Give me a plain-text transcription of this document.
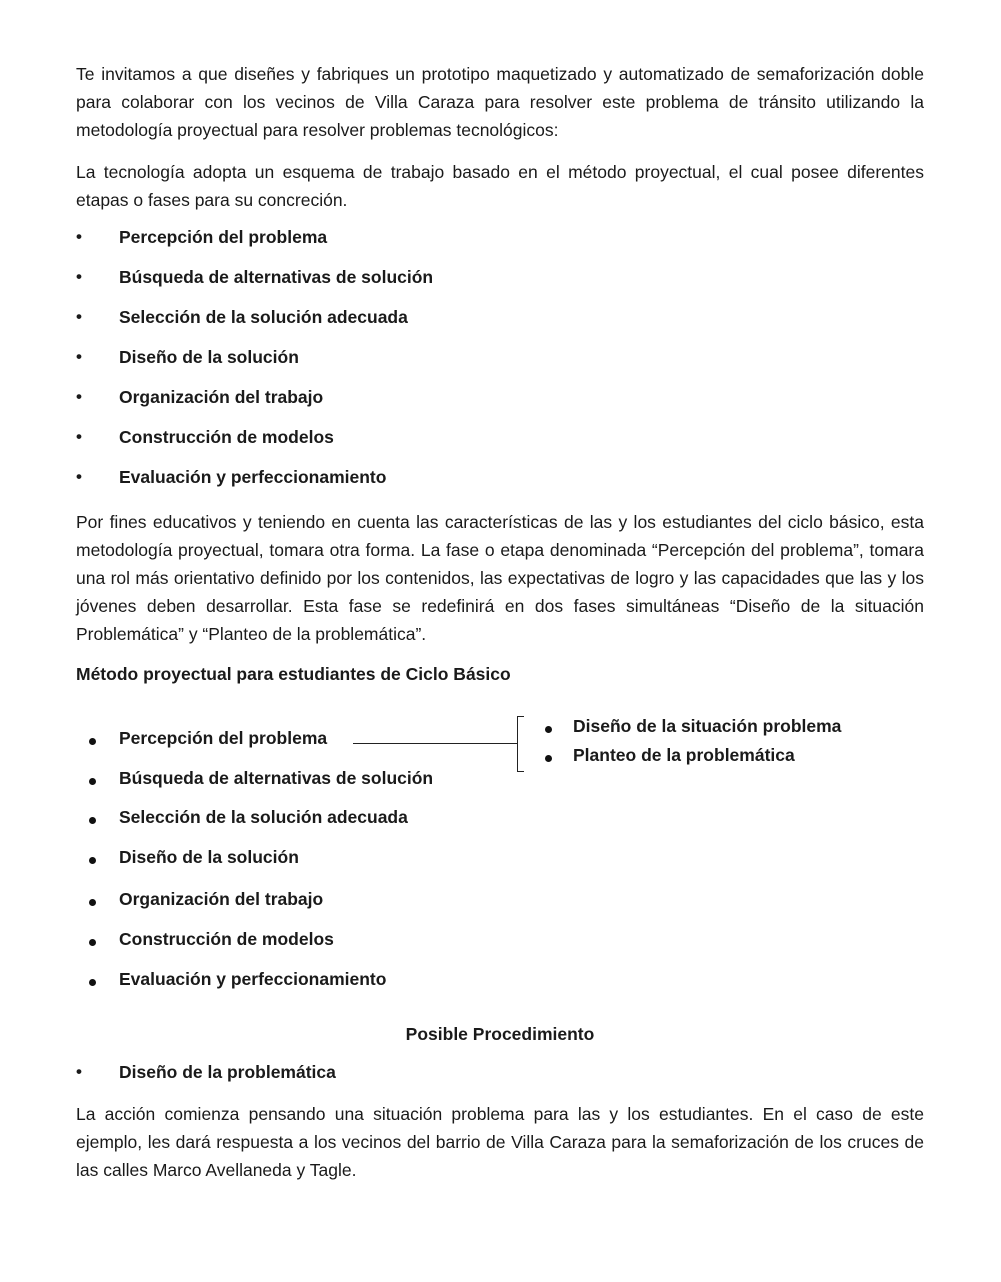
Te invitamos a que diseñes y fabriques un prototipo maquetizado y automatizado de semaforización doble para colaborar con los vecinos de Villa Caraza para resolver este problema de tránsito utilizando la metodología proyectual para resolver problemas tecnológicos:

La tecnología adopta un esquema de trabajo basado en el método proyectual, el cual posee diferentes etapas o fases para su concreción.

• Percepción del problema
• Búsqueda de alternativas de solución
• Selección de la solución adecuada
• Diseño de la solución
• Organización del trabajo
• Construcción de modelos
• Evaluación y perfeccionamiento

Por fines educativos y teniendo en cuenta las características de las y los estudiantes del ciclo básico, esta metodología proyectual, tomara otra forma. La fase o etapa denominada “Percepción del problema”, tomara una rol más orientativo definido por los contenidos, las expectativas de logro y las capacidades que las y los jóvenes deben desarrollar. Esta fase se redefinirá en dos fases simultáneas “Diseño de la situación Problemática” y “Planteo de la problemática”.

Método proyectual para estudiantes de Ciclo Básico
Percepción del problema
Búsqueda de alternativas de solución
Selección de la solución adecuada
Diseño de la solución
Organización del trabajo
Construcción de modelos
Evaluación y perfeccionamiento
Diseño de la situación problema
Planteo de la problemática
Posible Procedimiento
• Diseño de la problemática

La acción comienza pensando una situación problema para las y los estudiantes. En el caso de este ejemplo, les dará respuesta a los vecinos del barrio de Villa Caraza para la semaforización de los cruces de las calles Marco Avellaneda y Tagle.
